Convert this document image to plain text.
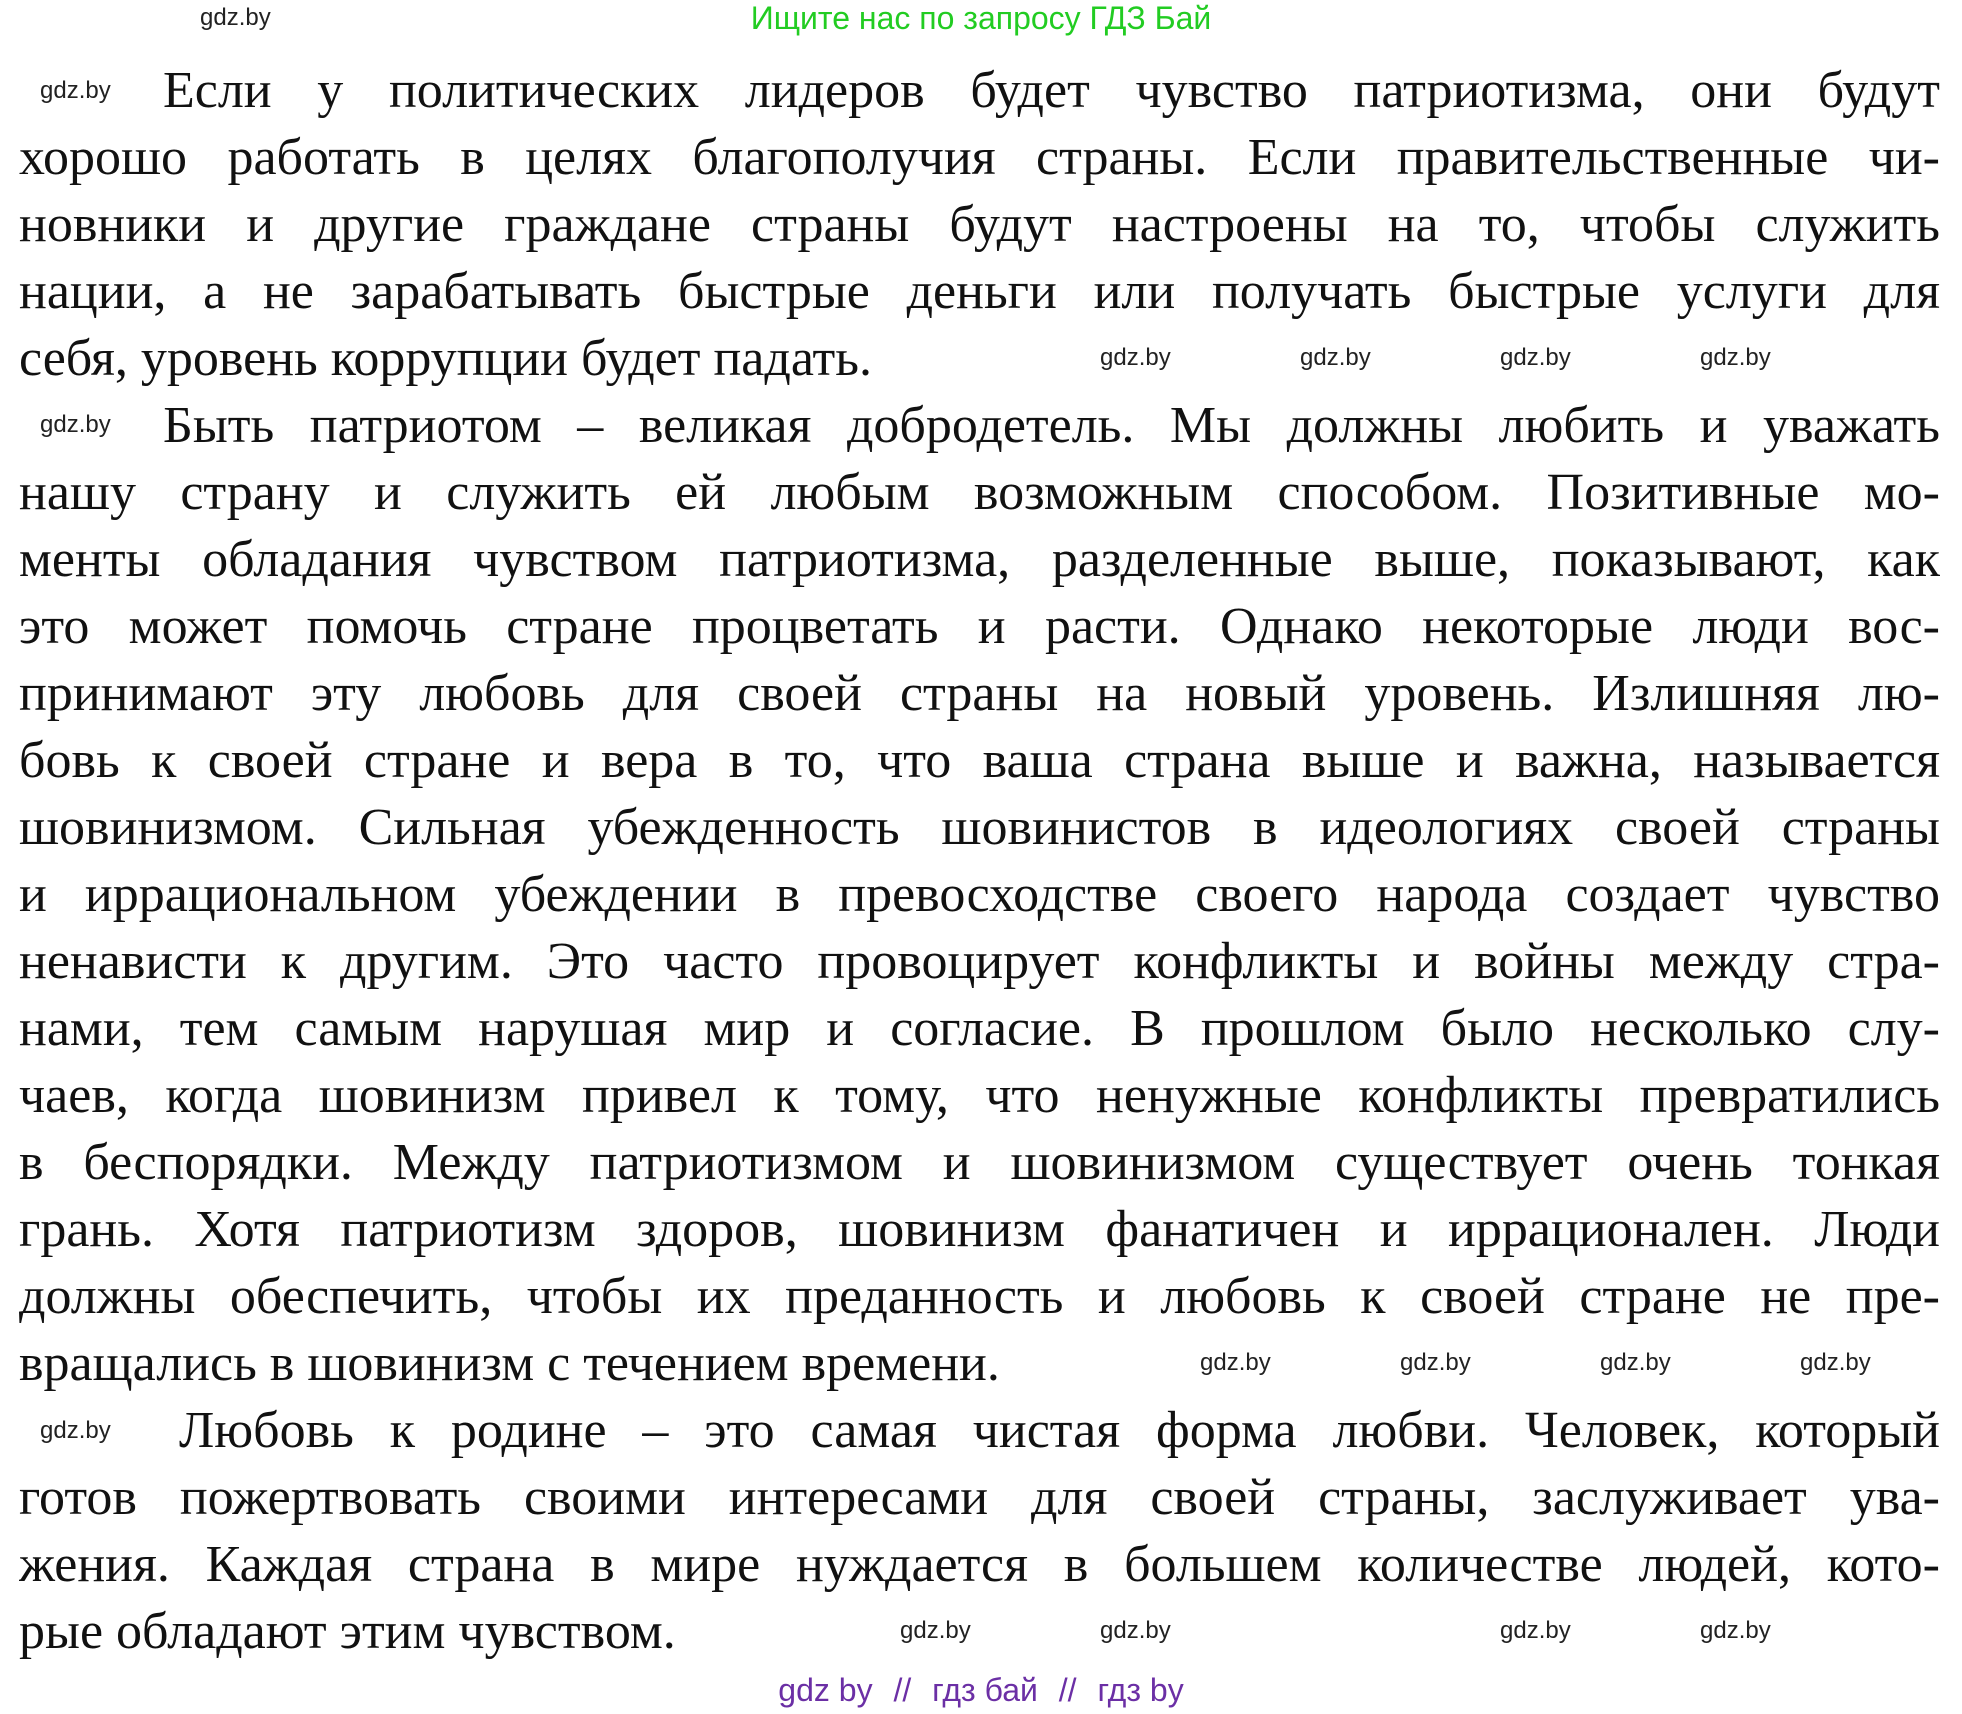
Ищите нас по запросу ГДЗ Бай
Если у политических лидеров будет чувство патриотизма, они будут
хорошо работать в целях благополучия страны. Если правительственные чи-
новники и другие граждане страны будут настроены на то, чтобы служить
нации, а не зарабатывать быстрые деньги или получать быстрые услуги для
себя, уровень коррупции будет падать.
Быть патриотом – великая добродетель. Мы должны любить и уважать
нашу страну и служить ей любым возможным способом. Позитивные мо-
менты обладания чувством патриотизма, разделенные выше, показывают, как
это может помочь стране процветать и расти. Однако некоторые люди вос-
принимают эту любовь для своей страны на новый уровень. Излишняя лю-
бовь к своей стране и вера в то, что ваша страна выше и важна, называется
шовинизмом. Сильная убежденность шовинистов в идеологиях своей страны
и иррациональном убеждении в превосходстве своего народа создает чувство
ненависти к другим. Это часто провоцирует конфликты и войны между стра-
нами, тем самым нарушая мир и согласие. В прошлом было несколько слу-
чаев, когда шовинизм привел к тому, что ненужные конфликты превратились
в беспорядки. Между патриотизмом и шовинизмом существует очень тонкая
грань. Хотя патриотизм здоров, шовинизм фанатичен и иррационален. Люди
должны обеспечить, чтобы их преданность и любовь к своей стране не пре-
вращались в шовинизм с течением времени.
Любовь к родине – это самая чистая форма любви. Человек, который
готов пожертвовать своими интересами для своей страны, заслуживает ува-
жения. Каждая страна в мире нуждается в большем количестве людей, кото-
рые обладают этим чувством.
gdz.by
gdz.by
gdz.by	gdz.by	gdz.by	gdz.by
gdz.by
gdz.by	gdz.by	gdz.by	gdz.by
gdz.by
gdz.by	gdz.by	gdz.by	gdz.by
gdz by // гдз бай // гдз by
